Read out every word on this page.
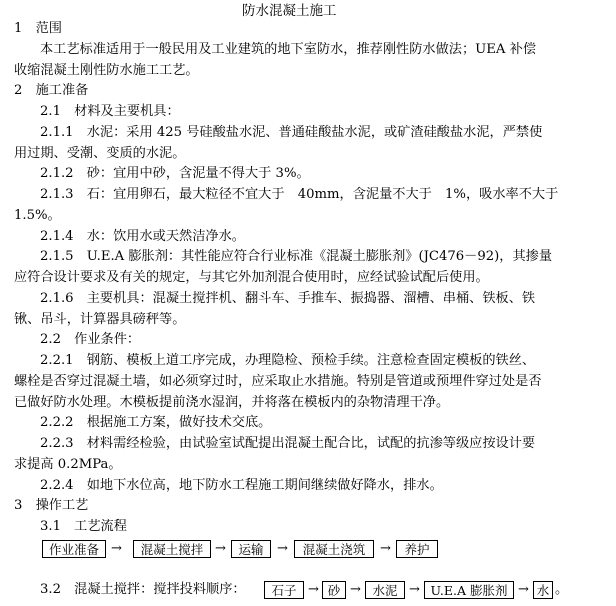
防水混凝土施工
1　范围
本工艺标准适用于一般民用及工业建筑的地下室防水，推荐刚性防水做法；UEA 补偿
收缩混凝土刚性防水施工工艺。
2　施工准备
2.1　材料及主要机具：
2.1.1　水泥：采用 425 号硅酸盐水泥、普通硅酸盐水泥，或矿渣硅酸盐水泥，严禁使
用过期、受潮、变质的水泥。
2.1.2　砂：宜用中砂，含泥量不得大于 3%。
2.1.3　石：宜用卵石，最大粒径不宜大于　40mm，含泥量不大于　1%，吸水率不大于
1.5%。
2.1.4　水：饮用水或天然洁净水。
2.1.5　U.E.A 膨胀剂：其性能应符合行业标准《混凝土膨胀剂》(JC476－92)，其掺量
应符合设计要求及有关的规定，与其它外加剂混合使用时，应经试验试配后使用。
2.1.6　主要机具：混凝土搅拌机、翻斗车、手推车、振捣器、溜槽、串桶、铁板、铁
锹、吊斗，计算器具磅秤等。
2.2　作业条件：
2.2.1　钢筋、模板上道工序完成，办理隐检、预检手续。注意检查固定模板的铁丝、
螺栓是否穿过混凝土墙，如必须穿过时，应采取止水措施。特别是管道或预埋件穿过处是否
已做好防水处理。木模板提前浇水湿润，并将落在模板内的杂物清理干净。
2.2.2　根据施工方案，做好技术交底。
2.2.3　材料需经检验，由试验室试配提出混凝土配合比，试配的抗渗等级应按设计要
求提高 0.2MPa。
2.2.4　如地下水位高，地下防水工程施工期间继续做好降水，排水。
3　操作工艺
3.1　工艺流程
作业准备 →	混凝土搅拌 →	运输	→	混凝土浇筑	→	养护
3.2　混凝土搅拌：搅拌投料顺序：	石子 → 砂 → 水泥 → U.E.A 膨胀剂 → 水 。
